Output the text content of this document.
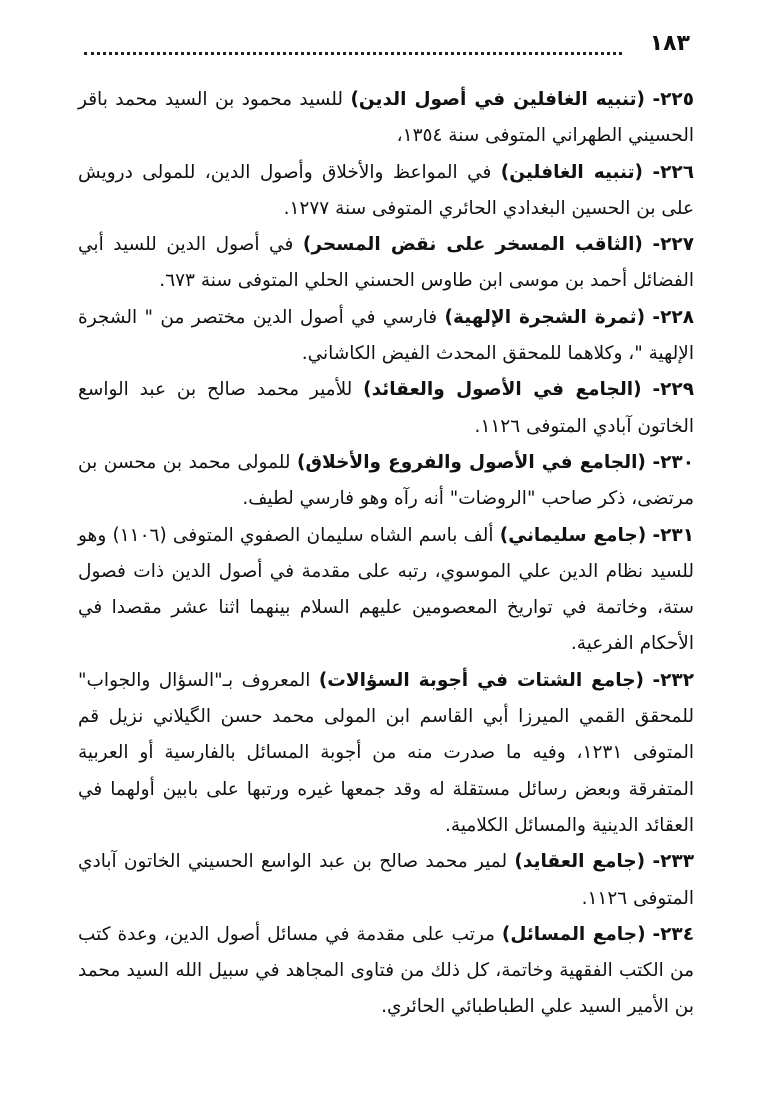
١٨٣

٢٢٥- (تنبيه الغافلين في أصول الدين) للسيد محمود بن السيد محمد باقر الحسيني الطهراني المتوفى سنة ١٣٥٤،

٢٢٦- (تنبيه الغافلين) في المواعظ والأخلاق وأصول الدين، للمولى درويش على بن الحسين البغدادي الحائري المتوفى سنة ١٢٧٧.

٢٢٧- (الثاقب المسخر على نقض المسحر) في أصول الدين للسيد أبي الفضائل أحمد بن موسى ابن طاوس الحسني الحلي المتوفى سنة ٦٧٣.

٢٢٨- (ثمرة الشجرة الإلهية) فارسي في أصول الدين مختصر من " الشجرة الإلهية "، وكلاهما للمحقق المحدث الفيض الكاشاني.

٢٢٩- (الجامع في الأصول والعقائد) للأمير محمد صالح بن عبد الواسع الخاتون آبادي المتوفى ١١٢٦.

٢٣٠- (الجامع في الأصول والفروع والأخلاق) للمولى محمد بن محسن بن مرتضى، ذكر صاحب "الروضات" أنه رآه وهو فارسي لطيف.

٢٣١- (جامع سليماني) ألف باسم الشاه سليمان الصفوي المتوفى (١١٠٦) وهو للسيد نظام الدين علي الموسوي، رتبه على مقدمة في أصول الدين ذات فصول ستة، وخاتمة في تواريخ المعصومين عليهم السلام بينهما اثنا عشر مقصدا في الأحكام الفرعية.

٢٣٢- (جامع الشتات في أجوبة السؤالات) المعروف بـ"السؤال والجواب" للمحقق القمي الميرزا أبي القاسم ابن المولى محمد حسن الگيلاني نزيل قم المتوفى ١٢٣١، وفيه ما صدرت منه من أجوبة المسائل بالفارسية أو العربية المتفرقة وبعض رسائل مستقلة له وقد جمعها غيره ورتبها على بابين أولهما في العقائد الدينية والمسائل الكلامية.

٢٣٣- (جامع العقايد) لمير محمد صالح بن عبد الواسع الحسيني الخاتون آبادي المتوفى ١١٢٦.

٢٣٤- (جامع المسائل) مرتب على مقدمة في مسائل أصول الدين، وعدة كتب من الكتب الفقهية وخاتمة، كل ذلك من فتاوى المجاهد في سبيل الله السيد محمد بن الأمير السيد علي الطباطبائي الحائري.
